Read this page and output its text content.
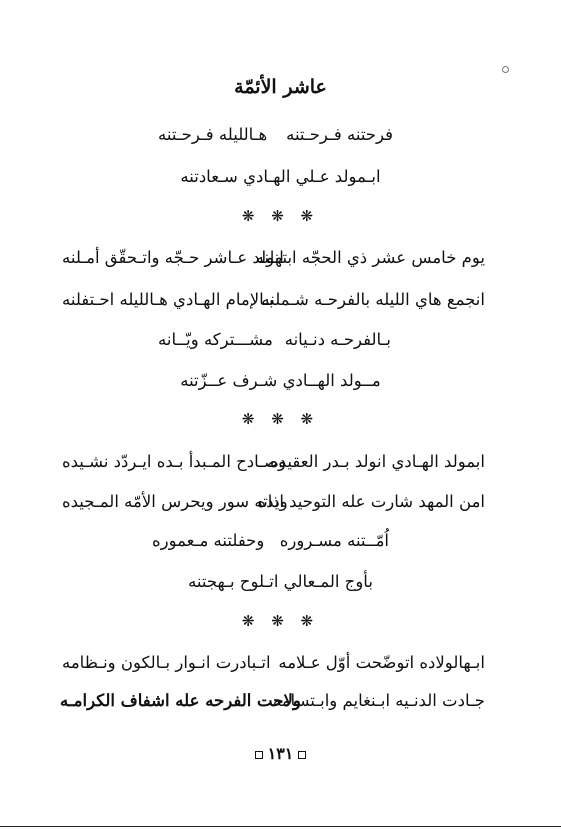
عاشر الأئمّة
فرحتنه فـرحـتنه
هـالليله فـرحـتنه
ابـمولد عـلي الهـادي سـعادتنه
❋ ❋ ❋
يوم خامس عشر ذي الحجّه ابتهلنه
انولد عـاشر حـجّه واتـحقّق أمـلنه
انجمع هاي الليله بالفرحـه شـملنه
بـالإمام الهـادي هـالليله احـتفلنه
بـالفرحـه دنـيانه
مشـــتركه ويّــانه
مــولد الهــادي شـرف عــزّتنه
❋ ❋ ❋
ابمولد الهـادي انولد بـدر العقيده
وصـادح المـبدأ بـده ايـردّد نشـيده
امن المهد شارت عله التوحيد ايده
وذاته سور ويحرس الأمّه المـجيده
اُمّــتنه مسـروره
وحفلتنه مـعموره
بأوج المـعالي اتـلوح بـهجتنه
❋ ❋ ❋
ابـهالولاده اتوضّحت أوّل عـلامه
اتـبادرت انـوار بـالكون ونـظامه
جـادت الدنـيه ابـنغايم وابـتسامه
ولاحت الفرحه عله اشفاف الكرامـه
١٣١
